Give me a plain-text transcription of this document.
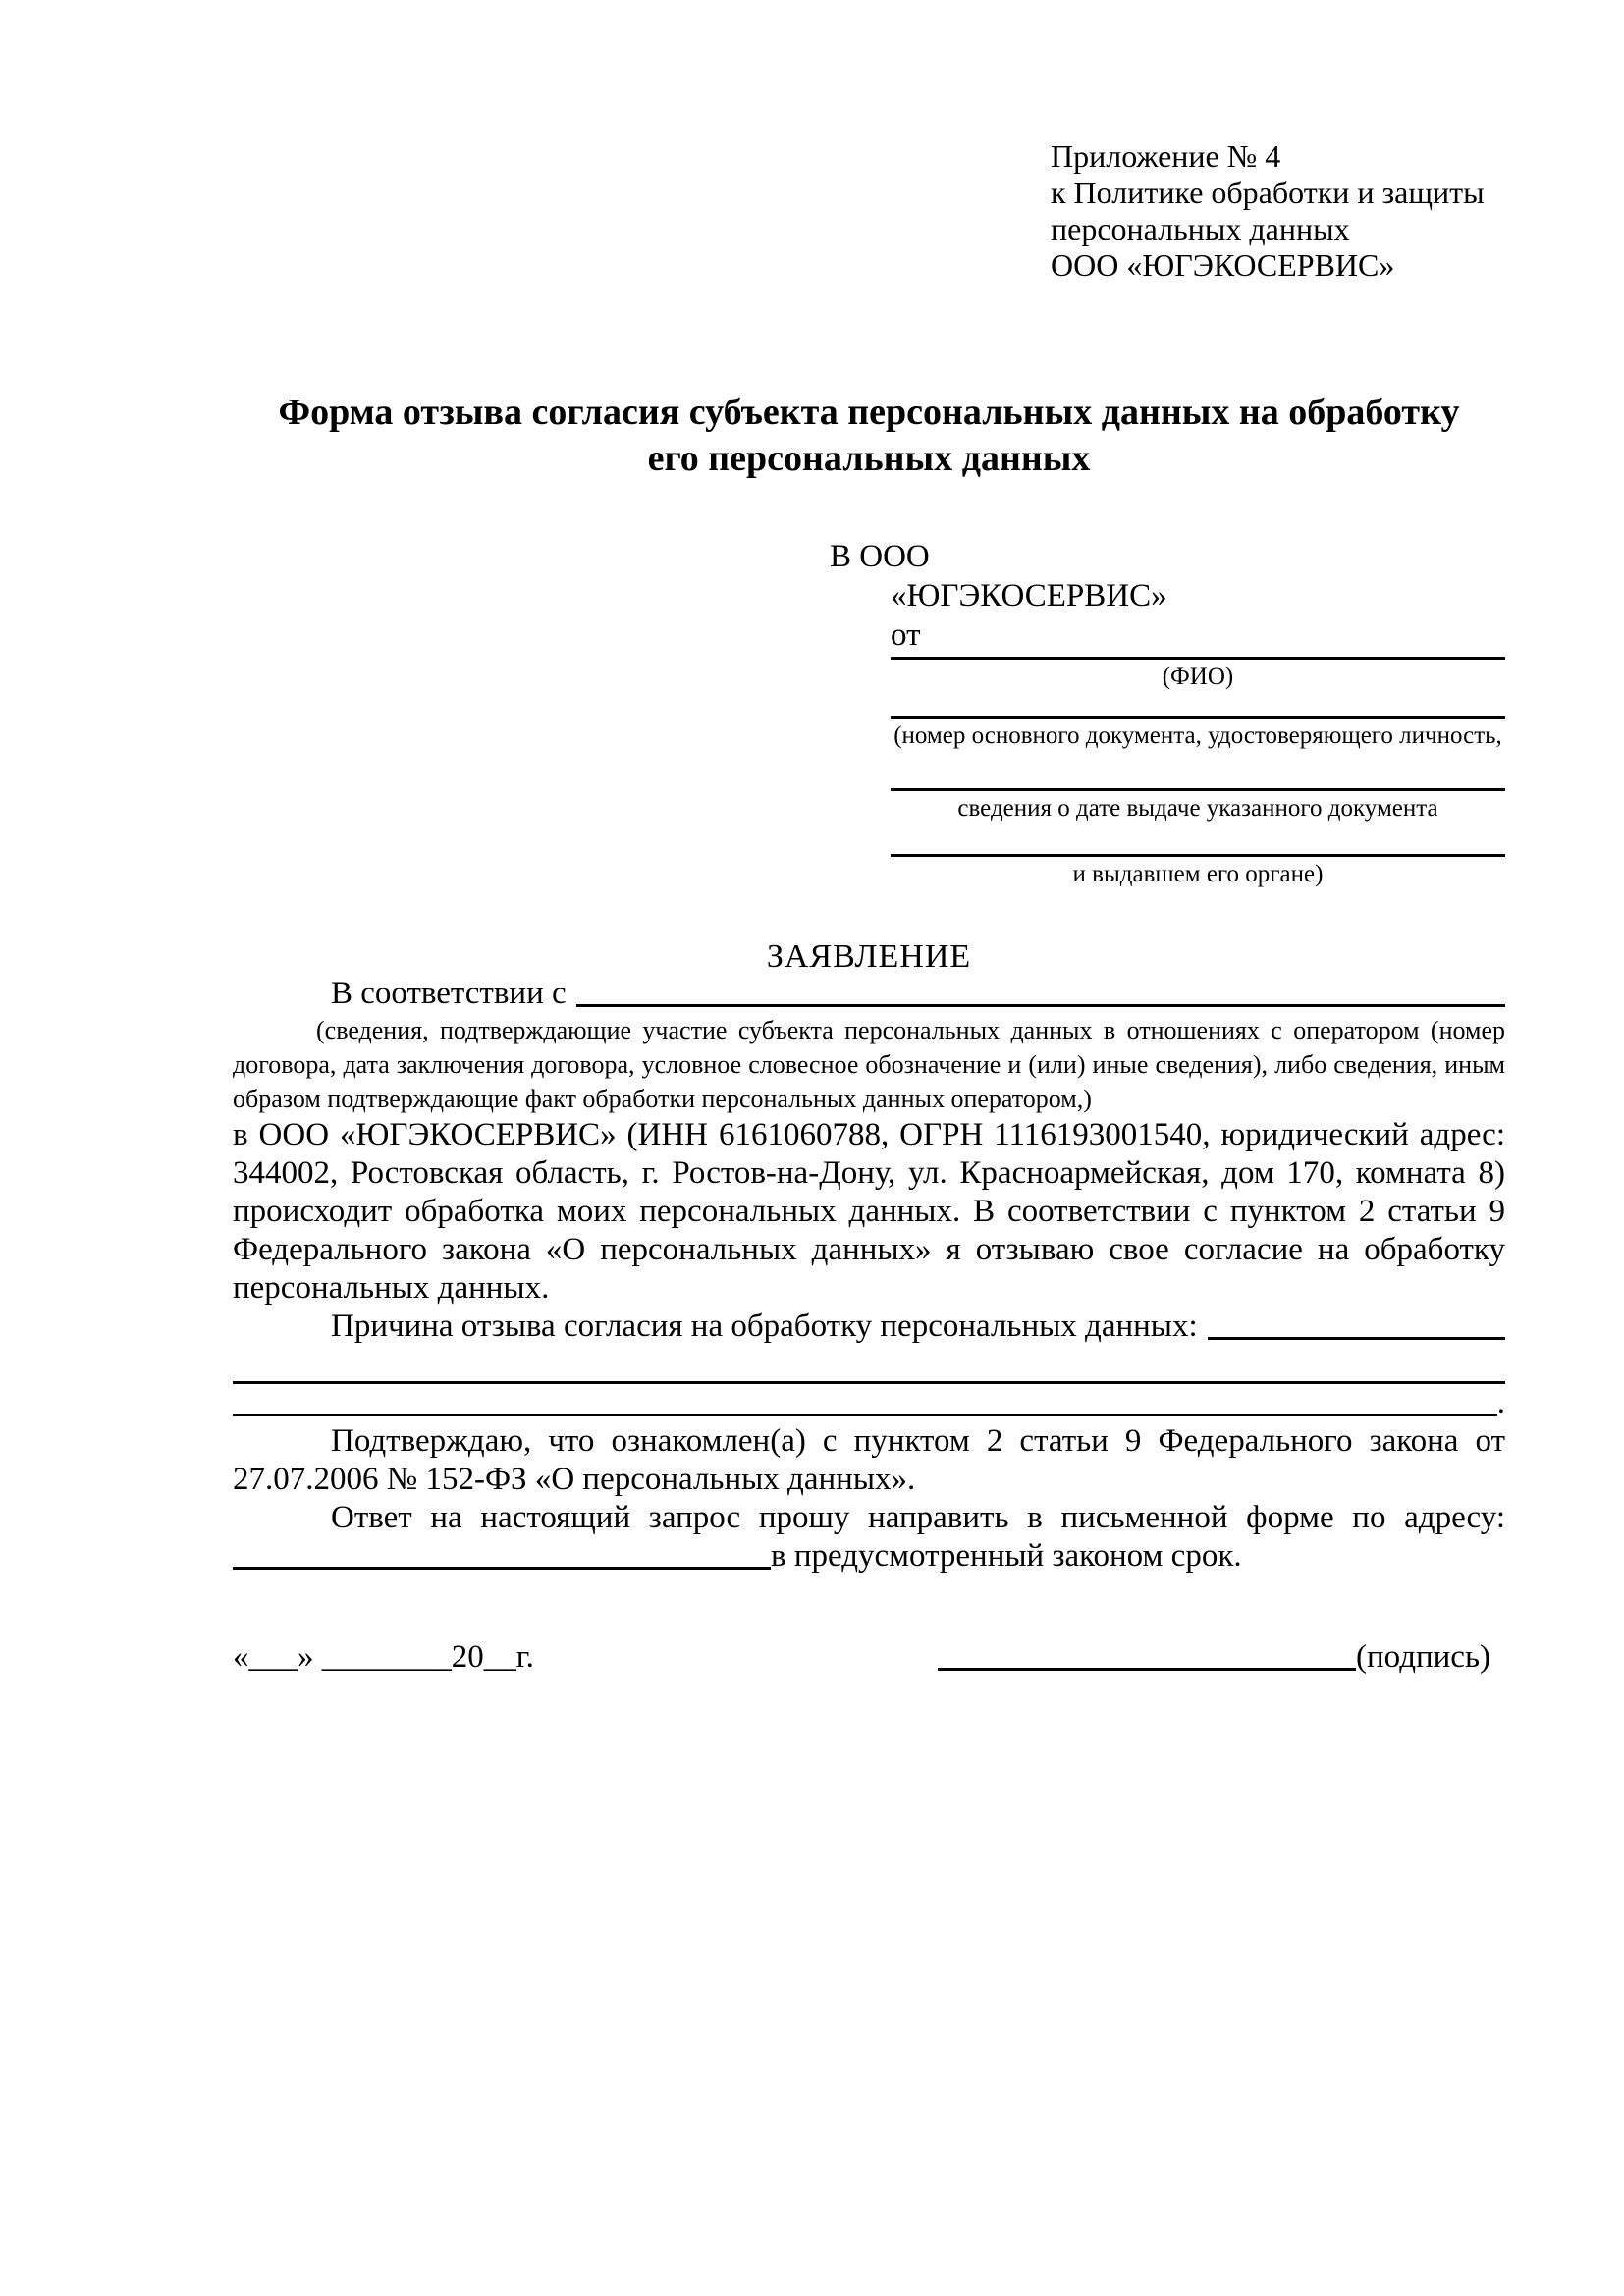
Приложение № 4
к Политике обработки и защиты
персональных данных
ООО «ЮГЭКОСЕРВИС»
Форма отзыва согласия субъекта персональных данных на обработку
его персональных данных
В ООО
«ЮГЭКОСЕРВИС»
от
(ФИО)
(номер основного документа, удостоверяющего личность,
сведения о дате выдаче указанного документа
и выдавшем его органе)
ЗАЯВЛЕНИЕ
В соответствии с

(сведения, подтверждающие участие субъекта персональных данных в отношениях с оператором (номер договора, дата заключения договора, условное словесное обозначение и (или) иные сведения), либо сведения, иным образом подтверждающие факт обработки персональных данных оператором,)

в ООО «ЮГЭКОСЕРВИС» (ИНН 6161060788, ОГРН 1116193001540, юридический адрес: 344002, Ростовская область, г. Ростов-на-Дону, ул. Красноармейская, дом 170, комната 8) происходит обработка моих персональных данных. В соответствии с пунктом 2 статьи 9 Федерального закона «О персональных данных» я отзываю свое согласие на обработку персональных данных.

Причина отзыва согласия на обработку персональных данных:
.

Подтверждаю, что ознакомлен(а) с пунктом 2 статьи 9 Федерального закона от 27.07.2006 № 152-ФЗ «О персональных данных».

Ответ на настоящий запрос прошу направить в письменной форме по адресу:

в предусмотренный законом срок.
«___» ________20__г.	(подпись)
